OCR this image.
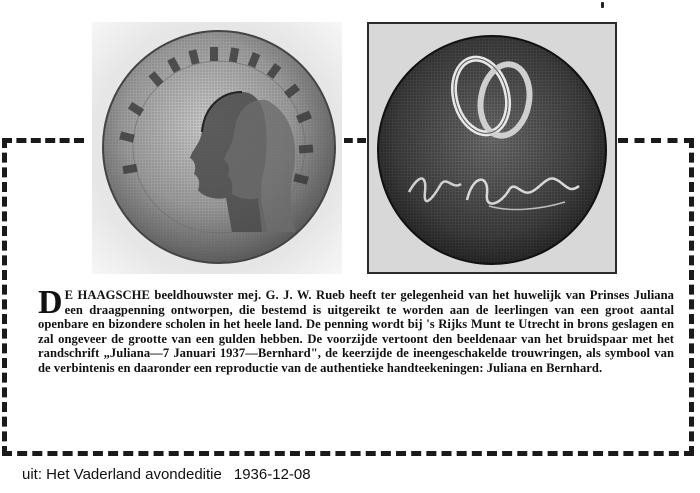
D E HAAGSCHE beeldhouwster mej. G. J. W. Rueb heeft ter gelegenheid van het huwelijk van Prinses Juliana een draagpenning ontworpen, die bestemd is uitgereikt te worden aan de leerlingen van een groot aantal openbare en bizondere scholen in het heele land. De penning wordt bij 's Rijks Munt te Utrecht in brons geslagen en zal ongeveer de grootte van een gulden hebben. De voorzijde vertoont den beeldenaar van het bruidspaar met het randschrift „Juliana—7 Januari 1937—Bernhard", de keerzijde de ineengeschakelde trouwringen, als symbool van de verbintenis en daaronder een reproductie van de authentieke handteekeningen: Juliana en Bernhard.

uit: Het Vaderland avondeditie 1936-12-08
